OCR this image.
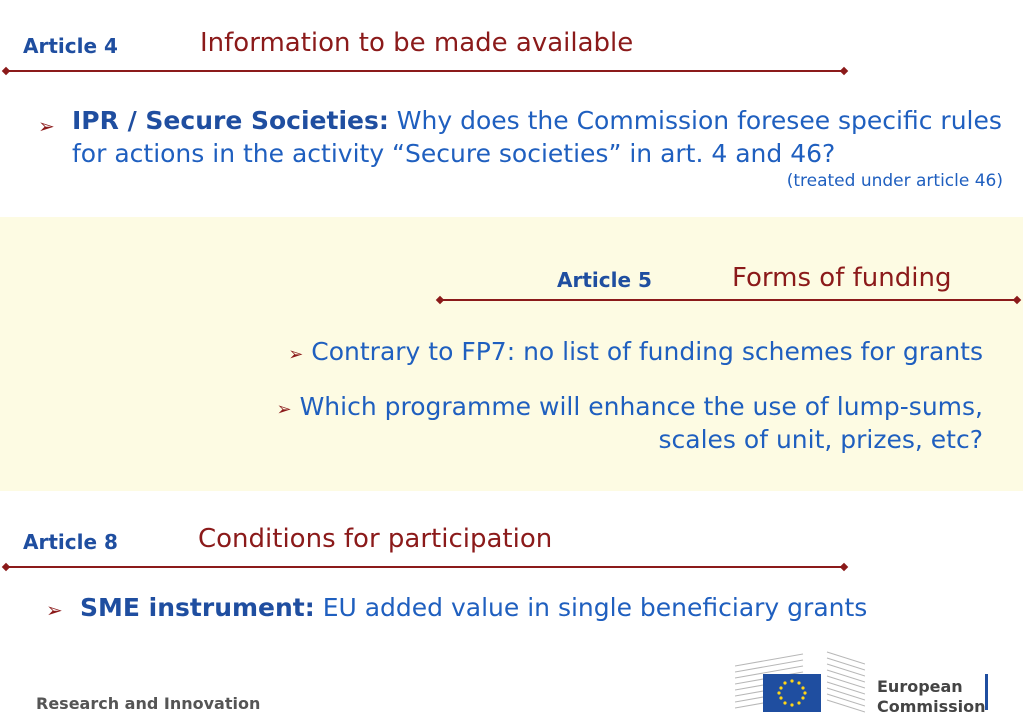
Article 4	Information to be made available
➢ IPR / Secure Societies: Why does the Commission foresee specific rules for actions in the activity “Secure societies” in art. 4 and 46?
(treated under article 46)
Article 5	Forms of funding
➢ Contrary to FP7: no list of funding schemes for grants
➢ Which programme will enhance the use of lump-sums,
scales of unit, prizes, etc?
Article 8	Conditions for participation
➢ SME instrument: EU added value in single beneficiary grants
Research and Innovation
European
Commission
